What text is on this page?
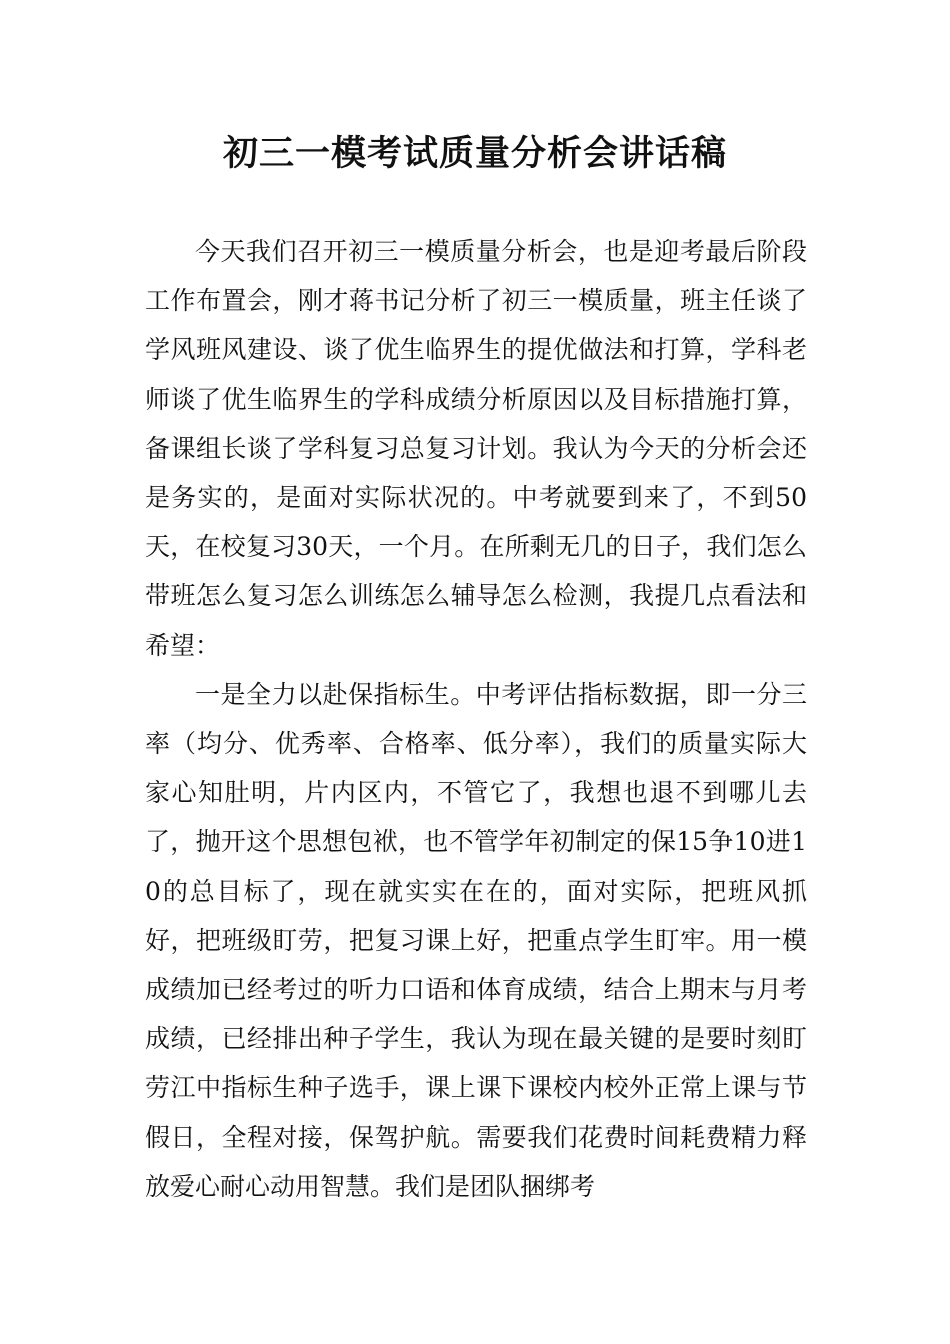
初三一模考试质量分析会讲话稿

今天我们召开初三一模质量分析会，也是迎考最后阶段工作布置会，刚才蒋书记分析了初三一模质量，班主任谈了学风班风建设、谈了优生临界生的提优做法和打算，学科老师谈了优生临界生的学科成绩分析原因以及目标措施打算，备课组长谈了学科复习总复习计划。我认为今天的分析会还是务实的，是面对实际状况的。中考就要到来了，不到50天，在校复习30天，一个月。在所剩无几的日子，我们怎么带班怎么复习怎么训练怎么辅导怎么检测，我提几点看法和希望：

一是全力以赴保指标生。中考评估指标数据，即一分三率（均分、优秀率、合格率、低分率），我们的质量实际大家心知肚明，片内区内，不管它了，我想也退不到哪儿去了，抛开这个思想包袱，也不管学年初制定的保15争10进10的总目标了，现在就实实在在的，面对实际，把班风抓好，把班级盯劳，把复习课上好，把重点学生盯牢。用一模成绩加已经考过的听力口语和体育成绩，结合上期末与月考成绩，已经排出种子学生，我认为现在最关键的是要时刻盯劳江中指标生种子选手，课上课下课校内校外正常上课与节假日，全程对接，保驾护航。需要我们花费时间耗费精力释放爱心耐心动用智慧。我们是团队捆绑考
